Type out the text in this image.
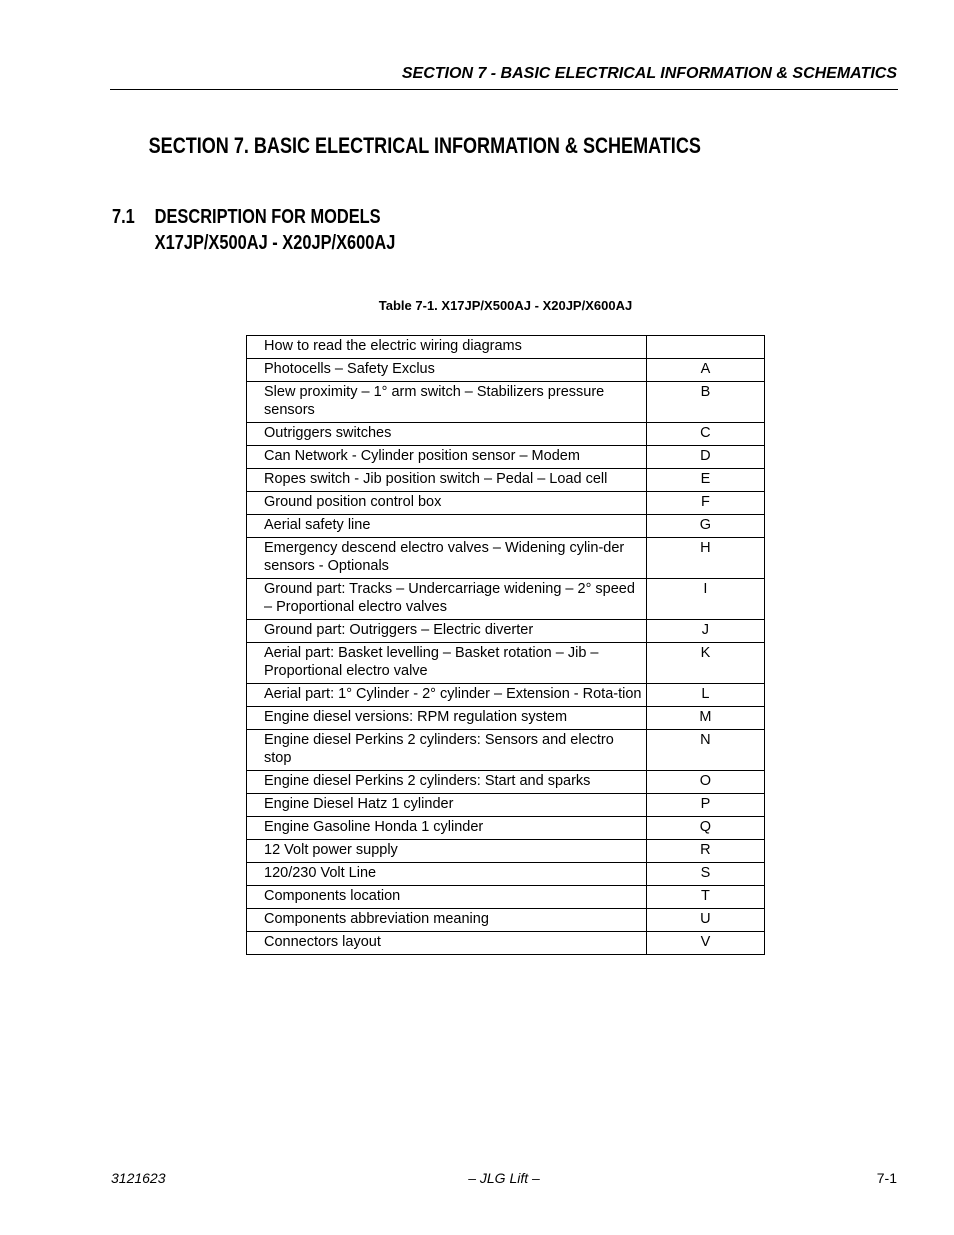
SECTION 7 - BASIC ELECTRICAL INFORMATION & SCHEMATICS
SECTION 7. BASIC ELECTRICAL INFORMATION & SCHEMATICS
7.1 DESCRIPTION FOR MODELS
X17JP/X500AJ - X20JP/X600AJ
Table 7-1. X17JP/X500AJ - X20JP/X600AJ
How to read the electric wiring diagrams	
Photocells – Safety Exclus	A
Slew proximity – 1° arm switch – Stabilizers pressure sensors	B
Outriggers switches	C
Can Network - Cylinder position sensor – Modem	D
Ropes switch - Jib position switch – Pedal – Load cell	E
Ground position control box	F
Aerial safety line	G
Emergency descend electro valves – Widening cylin-der sensors - Optionals	H
Ground part: Tracks – Undercarriage widening – 2° speed – Proportional electro valves	I
Ground part: Outriggers – Electric diverter	J
Aerial part: Basket levelling – Basket rotation – Jib – Proportional electro valve	K
Aerial part: 1° Cylinder - 2° cylinder – Extension - Rota-tion	L
Engine diesel versions: RPM regulation system	M
Engine diesel Perkins 2 cylinders: Sensors and electro stop	N
Engine diesel Perkins 2 cylinders: Start and sparks	O
Engine Diesel Hatz 1 cylinder	P
Engine Gasoline Honda 1 cylinder	Q
12 Volt power supply	R
120/230 Volt Line	S
Components location	T
Components abbreviation meaning	U
Connectors layout	V
3121623	– JLG Lift –	7-1
